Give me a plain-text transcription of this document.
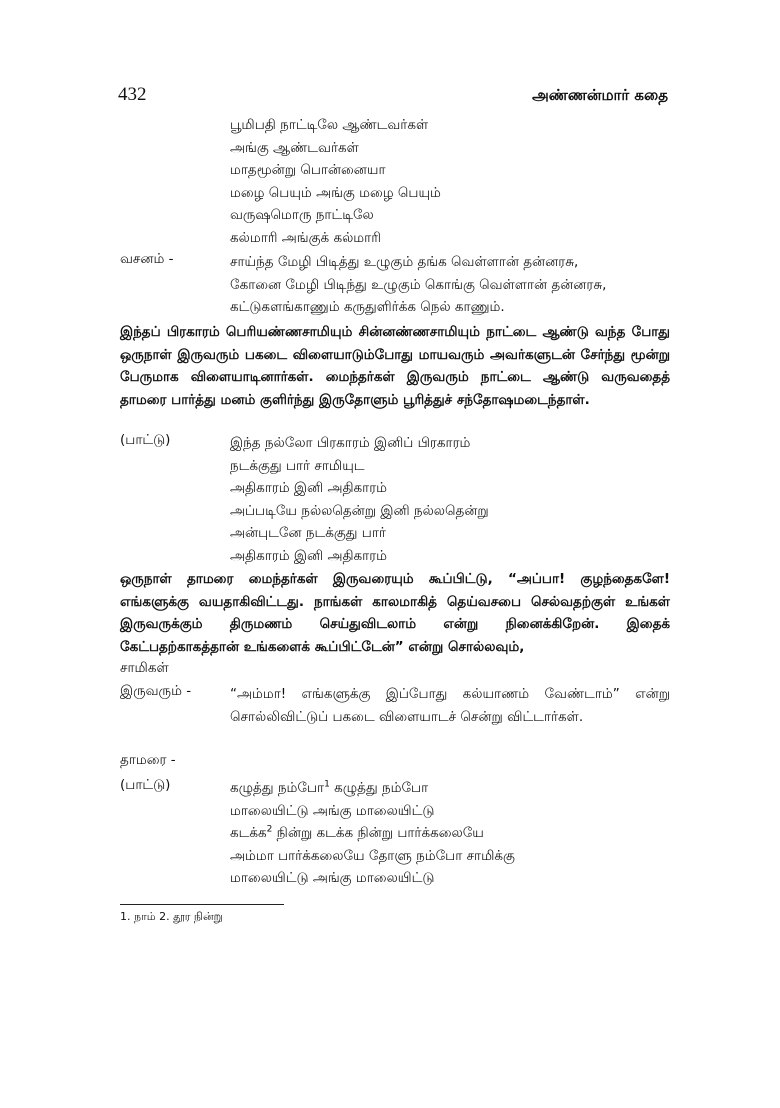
432	அண்ணன்மார் கதை
பூமிபதி நாட்டிலே ஆண்டவர்கள்
அங்கு ஆண்டவர்கள்
மாதமூன்று பொன்னையா
மழை பெயும் அங்கு மழை பெயும்
வருஷமொரு நாட்டிலே
கல்மாரி அங்குக் கல்மாரி
வசனம் -	சாய்ந்த மேழி பிடித்து உழுகும் தங்க வெள்ளான் தன்னரசு,
கோனை மேழி பிடிந்து உழுகும் கொங்கு வெள்ளான் தன்னரசு,
கட்டுகளங்காணும் கருதுளிர்க்க நெல் காணும்.
இந்தப் பிரகாரம் பெரியண்ணசாமியும் சின்னண்ணசாமியும் நாட்டை ஆண்டு வந்த போது ஒருநாள் இருவரும் பகடை விளையாடும்போது மாயவரும் அவர்களுடன் சேர்ந்து மூன்று பேருமாக விளையாடினார்கள். மைந்தர்கள் இருவரும் நாட்டை ஆண்டு வருவதைத் தாமரை பார்த்து மனம் குளிர்ந்து இருதோளும் பூரித்துச் சந்தோஷமடைந்தாள்.
(பாட்டு)	இந்த நல்லோ பிரகாரம் இனிப் பிரகாரம்
நடக்குது பார் சாமியுட
அதிகாரம் இனி அதிகாரம்
அப்படியே நல்லதென்று இனி நல்லதென்று
அன்புடனே நடக்குது பார்
அதிகாரம் இனி அதிகாரம்
ஒருநாள் தாமரை மைந்தர்கள் இருவரையும் கூப்பிட்டு, “அப்பா! குழந்தைகளே! எங்களுக்கு வயதாகிவிட்டது. நாங்கள் காலமாகித் தெய்வசபை செல்வதற்குள் உங்கள் இருவருக்கும் திருமணம் செய்துவிடலாம் என்று நினைக்கிறேன். இதைக் கேட்பதற்காகத்தான் உங்களைக் கூப்பிட்டேன்” என்று சொல்லவும்,
சாமிகள்
இருவரும் -	“அம்மா! எங்களுக்கு இப்போது கல்யாணம் வேண்டாம்” என்று சொல்லிவிட்டுப் பகடை விளையாடச் சென்று விட்டார்கள்.
தாமரை -
(பாட்டு)	கழுத்து நம்போ$^1$ கழுத்து நம்போ
மாலையிட்டு அங்கு மாலையிட்டு
கடக்க$^2$ நின்று கடக்க நின்று பார்க்கலையே
அம்மா பார்க்கலையே தோளு நம்போ சாமிக்கு
மாலையிட்டு அங்கு மாலையிட்டு
1. நாம் 2. தூர நின்று
